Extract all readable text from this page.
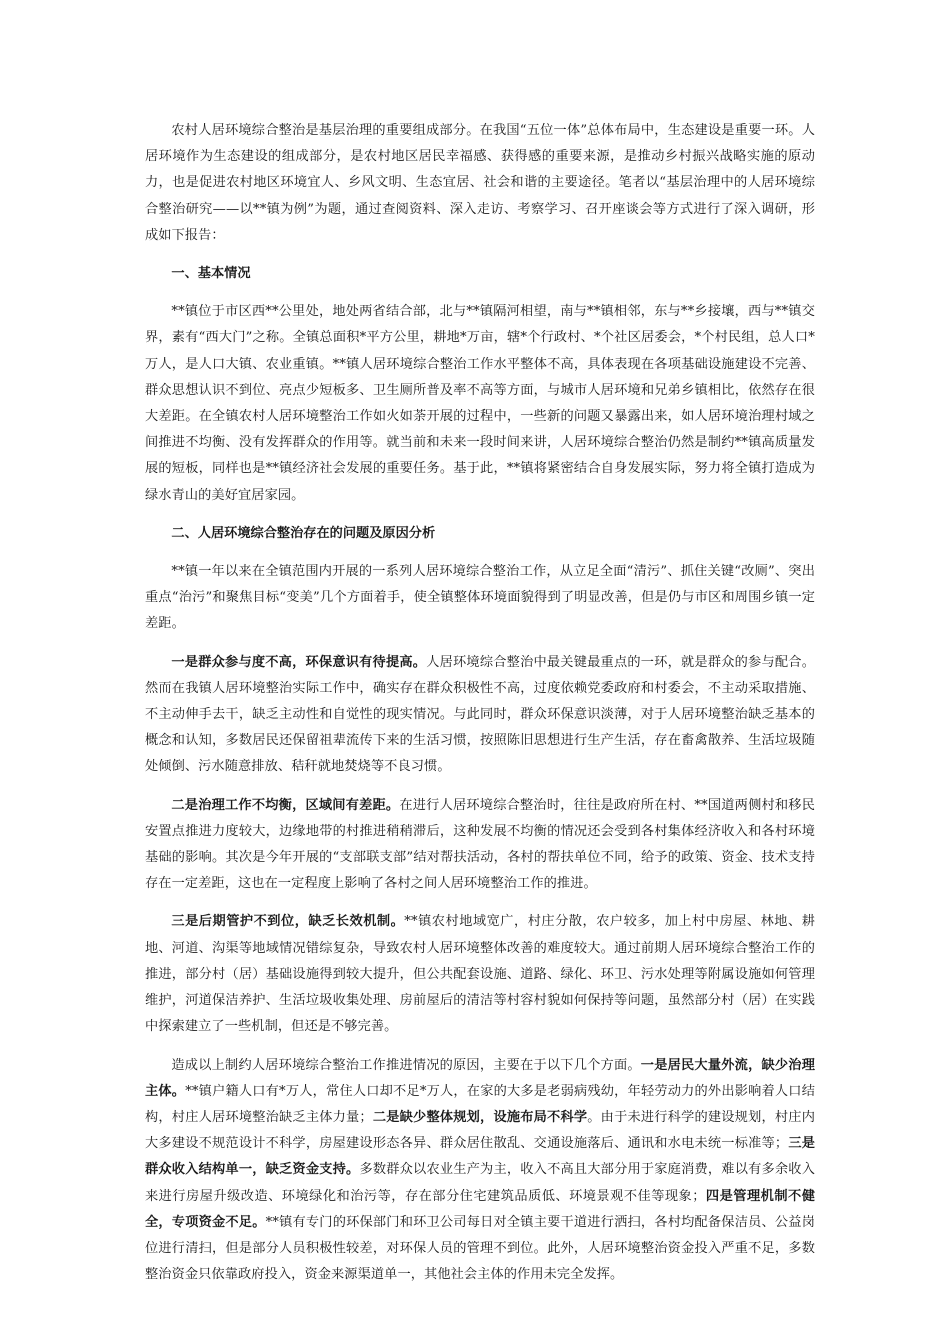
农村人居环境综合整治是基层治理的重要组成部分。在我国“五位一体”总体布局中，生态建设是重要一环。人居环境作为生态建设的组成部分，是农村地区居民幸福感、获得感的重要来源，是推动乡村振兴战略实施的原动力，也是促进农村地区环境宜人、乡风文明、生态宜居、社会和谐的主要途径。笔者以“基层治理中的人居环境综合整治研究——以**镇为例”为题，通过查阅资料、深入走访、考察学习、召开座谈会等方式进行了深入调研，形成如下报告：

一、基本情况

**镇位于市区西**公里处，地处两省结合部，北与**镇隔河相望，南与**镇相邻，东与**乡接壤，西与**镇交界，素有“西大门”之称。全镇总面积*平方公里，耕地*万亩，辖*个行政村、*个社区居委会，*个村民组，总人口*万人，是人口大镇、农业重镇。**镇人居环境综合整治工作水平整体不高，具体表现在各项基础设施建设不完善、群众思想认识不到位、亮点少短板多、卫生厕所普及率不高等方面，与城市人居环境和兄弟乡镇相比，依然存在很大差距。在全镇农村人居环境整治工作如火如荼开展的过程中，一些新的问题又暴露出来，如人居环境治理村域之间推进不均衡、没有发挥群众的作用等。就当前和未来一段时间来讲，人居环境综合整治仍然是制约**镇高质量发展的短板，同样也是**镇经济社会发展的重要任务。基于此，**镇将紧密结合自身发展实际，努力将全镇打造成为绿水青山的美好宜居家园。

二、人居环境综合整治存在的问题及原因分析

**镇一年以来在全镇范围内开展的一系列人居环境综合整治工作，从立足全面“清污”、抓住关键“改厕”、突出重点“治污”和聚焦目标“变美”几个方面着手，使全镇整体环境面貌得到了明显改善，但是仍与市区和周围乡镇一定差距。

一是群众参与度不高，环保意识有待提高。人居环境综合整治中最关键最重点的一环，就是群众的参与配合。然而在我镇人居环境整治实际工作中，确实存在群众积极性不高，过度依赖党委政府和村委会，不主动采取措施、不主动伸手去干，缺乏主动性和自觉性的现实情况。与此同时，群众环保意识淡薄，对于人居环境整治缺乏基本的概念和认知，多数居民还保留祖辈流传下来的生活习惯，按照陈旧思想进行生产生活，存在畜禽散养、生活垃圾随处倾倒、污水随意排放、秸秆就地焚烧等不良习惯。

二是治理工作不均衡，区域间有差距。在进行人居环境综合整治时，往往是政府所在村、**国道两侧村和移民安置点推进力度较大，边缘地带的村推进稍稍滞后，这种发展不均衡的情况还会受到各村集体经济收入和各村环境基础的影响。其次是今年开展的“支部联支部”结对帮扶活动，各村的帮扶单位不同，给予的政策、资金、技术支持存在一定差距，这也在一定程度上影响了各村之间人居环境整治工作的推进。

三是后期管护不到位，缺乏长效机制。**镇农村地域宽广，村庄分散，农户较多，加上村中房屋、林地、耕地、河道、沟渠等地域情况错综复杂，导致农村人居环境整体改善的难度较大。通过前期人居环境综合整治工作的推进，部分村（居）基础设施得到较大提升，但公共配套设施、道路、绿化、环卫、污水处理等附属设施如何管理维护，河道保洁养护、生活垃圾收集处理、房前屋后的清洁等村容村貌如何保持等问题，虽然部分村（居）在实践中探索建立了一些机制，但还是不够完善。

造成以上制约人居环境综合整治工作推进情况的原因，主要在于以下几个方面。一是居民大量外流，缺少治理主体。**镇户籍人口有*万人，常住人口却不足*万人，在家的大多是老弱病残幼，年轻劳动力的外出影响着人口结构，村庄人居环境整治缺乏主体力量；二是缺少整体规划，设施布局不科学。由于未进行科学的建设规划，村庄内大多建设不规范设计不科学，房屋建设形态各异、群众居住散乱、交通设施落后、通讯和水电未统一标准等；三是群众收入结构单一，缺乏资金支持。多数群众以农业生产为主，收入不高且大部分用于家庭消费，难以有多余收入来进行房屋升级改造、环境绿化和治污等，存在部分住宅建筑品质低、环境景观不佳等现象；四是管理机制不健全，专项资金不足。**镇有专门的环保部门和环卫公司每日对全镇主要干道进行洒扫，各村均配备保洁员、公益岗位进行清扫，但是部分人员积极性较差，对环保人员的管理不到位。此外，人居环境整治资金投入严重不足，多数整治资金只依靠政府投入，资金来源渠道单一，其他社会主体的作用未完全发挥。
